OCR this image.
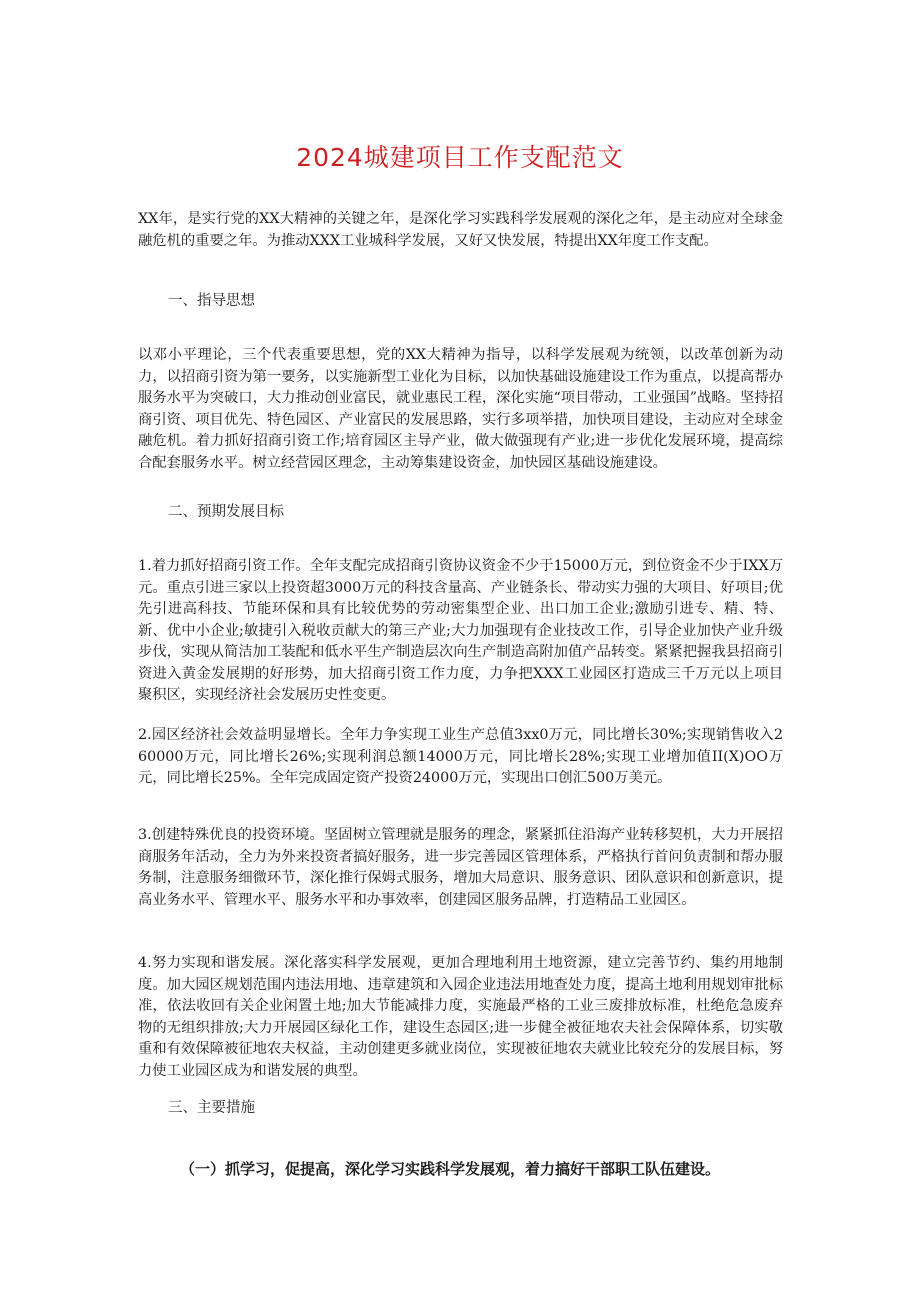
2024城建项目工作支配范文

XX年，是实行党的XX大精神的关键之年，是深化学习实践科学发展观的深化之年，是主动应对全球金融危机的重要之年。为推动XXX工业城科学发展，又好又快发展，特提出XX年度工作支配。

一、指导思想

以邓小平理论，三个代表重要思想，党的XX大精神为指导，以科学发展观为统领，以改革创新为动力，以招商引资为第一要务，以实施新型工业化为目标，以加快基础设施建设工作为重点，以提高帮办服务水平为突破口，大力推动创业富民，就业惠民工程，深化实施“项目带动，工业强国”战略。坚持招商引资、项目优先、特色园区、产业富民的发展思路，实行多项举措，加快项目建设，主动应对全球金融危机。着力抓好招商引资工作;培育园区主导产业，做大做强现有产业;进一步优化发展环境，提高综合配套服务水平。树立经营园区理念，主动筹集建设资金，加快园区基础设施建设。

二、预期发展目标

1.着力抓好招商引资工作。全年支配完成招商引资协议资金不少于15000万元，到位资金不少于IXX万元。重点引进三家以上投资超3000万元的科技含量高、产业链条长、带动实力强的大项目、好项目;优先引进高科技、节能环保和具有比较优势的劳动密集型企业、出口加工企业;激励引进专、精、特、新、优中小企业;敏捷引入税收贡献大的第三产业;大力加强现有企业技改工作，引导企业加快产业升级步伐，实现从简洁加工装配和低水平生产制造层次向生产制造高附加值产品转变。紧紧把握我县招商引资进入黄金发展期的好形势，加大招商引资工作力度，力争把XXX工业园区打造成三千万元以上项目聚积区，实现经济社会发展历史性变更。

2.园区经济社会效益明显增长。全年力争实现工业生产总值3xx0万元，同比增长30%;实现销售收入260000万元，同比增长26%;实现利润总额14000万元，同比增长28%;实现工业增加值II(X)OO万元，同比增长25%。全年完成固定资产投资24000万元，实现出口创汇500万美元。

3.创建特殊优良的投资环境。坚固树立管理就是服务的理念，紧紧抓住沿海产业转移契机，大力开展招商服务年活动，全力为外来投资者搞好服务，进一步完善园区管理体系，严格执行首问负责制和帮办服务制，注意服务细微环节，深化推行保姆式服务，增加大局意识、服务意识、团队意识和创新意识，提高业务水平、管理水平、服务水平和办事效率，创建园区服务品牌，打造精品工业园区。

4.努力实现和谐发展。深化落实科学发展观，更加合理地利用土地资源，建立完善节约、集约用地制度。加大园区规划范围内违法用地、违章建筑和入园企业违法用地查处力度，提高土地利用规划审批标准，依法收回有关企业闲置土地;加大节能减排力度，实施最严格的工业三废排放标准，杜绝危急废弃物的无组织排放;大力开展园区绿化工作，建设生态园区;进一步健全被征地农夫社会保障体系，切实敬重和有效保障被征地农夫权益，主动创建更多就业岗位，实现被征地农夫就业比较充分的发展目标，努力使工业园区成为和谐发展的典型。

三、主要措施
（一）抓学习，促提高，深化学习实践科学发展观，着力搞好干部职工队伍建设。
